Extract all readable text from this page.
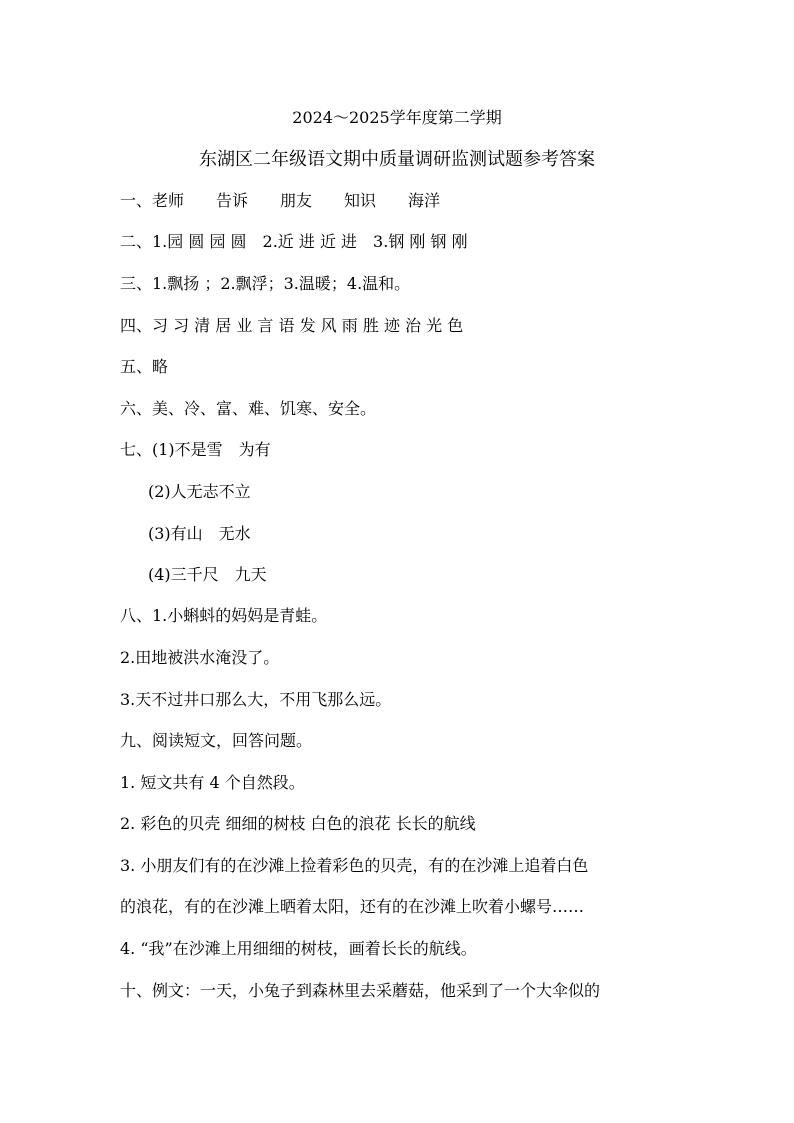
2024～2025学年度第二学期
东湖区二年级语文期中质量调研监测试题参考答案
一、老师　　告诉　　朋友　　知识　　海洋
二、1.园 圆 园 圆　2.近 进 近 进　3.钢 刚 钢 刚
三、1.飘扬 ；2.飘浮；3.温暖；4.温和。
四、习 习 清 居 业 言 语 发 风 雨 胜 迹 治 光 色
五、略
六、美、冷、富、难、饥寒、安全。
七、(1)不是雪　为有
(2)人无志不立
(3)有山　无水
(4)三千尺　九天
八、1.小蝌蚪的妈妈是青蛙。
2.田地被洪水淹没了。
3.天不过井口那么大，不用飞那么远。
九、阅读短文，回答问题。
1. 短文共有 4 个自然段。
2. 彩色的贝壳 细细的树枝 白色的浪花 长长的航线
3. 小朋友们有的在沙滩上捡着彩色的贝壳，有的在沙滩上追着白色
的浪花，有的在沙滩上晒着太阳，还有的在沙滩上吹着小螺号……
4. “我”在沙滩上用细细的树枝，画着长长的航线。
十、例文：一天，小兔子到森林里去采蘑菇，他采到了一个大伞似的
